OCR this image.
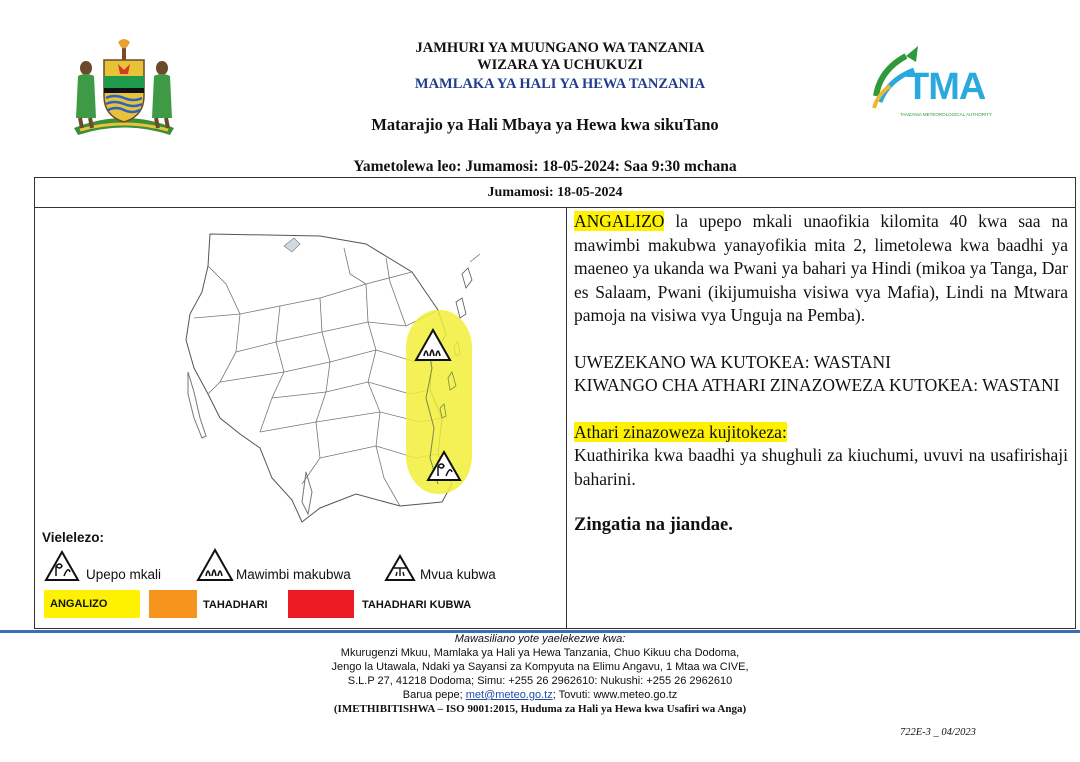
JAMHURI YA MUUNGANO WA TANZANIA
WIZARA YA UCHUKUZI
MAMLAKA YA HALI YA HEWA TANZANIA	TMA
TANZANIA METEOROLOGICAL AUTHORITY
Matarajio ya Hali Mbaya ya Hewa kwa sikuTano
Yametolewa leo: Jumamosi: 18-05-2024: Saa 9:30 mchana
Jumamosi: 18-05-2024
Vielelezo:
Upepo mkali	Mawimbi makubwa	Mvua kubwa
ANGALIZO	TAHADHARI	TAHADHARI KUBWA

ANGALIZO la upepo mkali unaofikia kilomita 40 kwa saa na mawimbi makubwa yanayofikia mita 2, limetolewa kwa baadhi ya maeneo ya ukanda wa Pwani ya bahari ya Hindi (mikoa ya Tanga, Dar es Salaam, Pwani (ikijumuisha visiwa vya Mafia), Lindi na Mtwara pamoja na visiwa vya Unguja na Pemba).

UWEZEKANO WA KUTOKEA: WASTANI

KIWANGO CHA ATHARI ZINAZOWEZA KUTOKEA: WASTANI

Athari zinazoweza kujitokeza:

Kuathirika kwa baadhi ya shughuli za kiuchumi, uvuvi na usafirishaji baharini.

Zingatia na jiandae.

Mawasiliano yote yaelekezwe kwa:
Mkurugenzi Mkuu, Mamlaka ya Hali ya Hewa Tanzania, Chuo Kikuu cha Dodoma,
Jengo la Utawala, Ndaki ya Sayansi za Kompyuta na Elimu Angavu, 1 Mtaa wa CIVE,
S.L.P 27, 41218 Dodoma; Simu: +255 26 2962610: Nukushi: +255 26 2962610
Barua pepe; met@meteo.go.tz; Tovuti: www.meteo.go.tz
(IMETHIBITISHWA – ISO 9001:2015, Huduma za Hali ya Hewa kwa Usafiri wa Anga)
722E-3 _ 04/2023
